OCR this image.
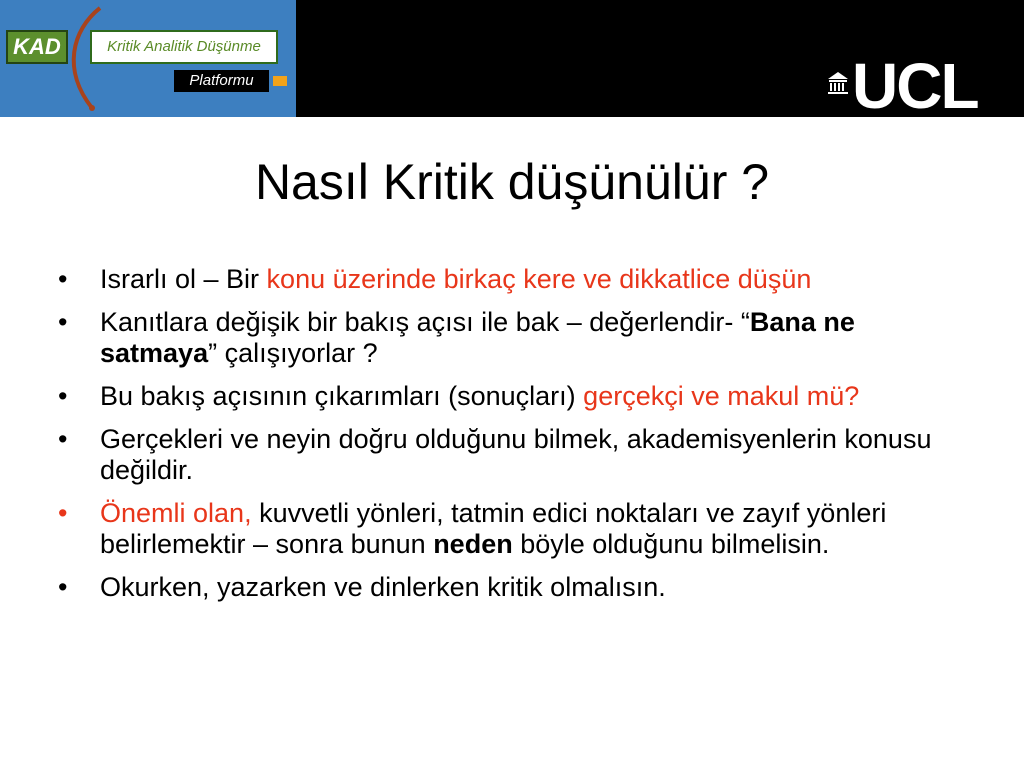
KAD	Kritik Analitik Düşünme
Platformu	UCL
Nasıl Kritik düşünülür ?
• Israrlı ol – Bir konu üzerinde birkaç kere ve dikkatlice düşün
• Kanıtlara değişik bir bakış açısı ile bak – değerlendir- “Bana ne satmaya” çalışıyorlar ?
• Bu bakış açısının çıkarımları (sonuçları) gerçekçi ve makul mü?
• Gerçekleri ve neyin doğru olduğunu bilmek, akademisyenlerin konusu değildir.
• Önemli olan, kuvvetli yönleri, tatmin edici noktaları ve zayıf yönleri belirlemektir – sonra bunun neden böyle olduğunu bilmelisin.
• Okurken, yazarken ve dinlerken kritik olmalısın.
